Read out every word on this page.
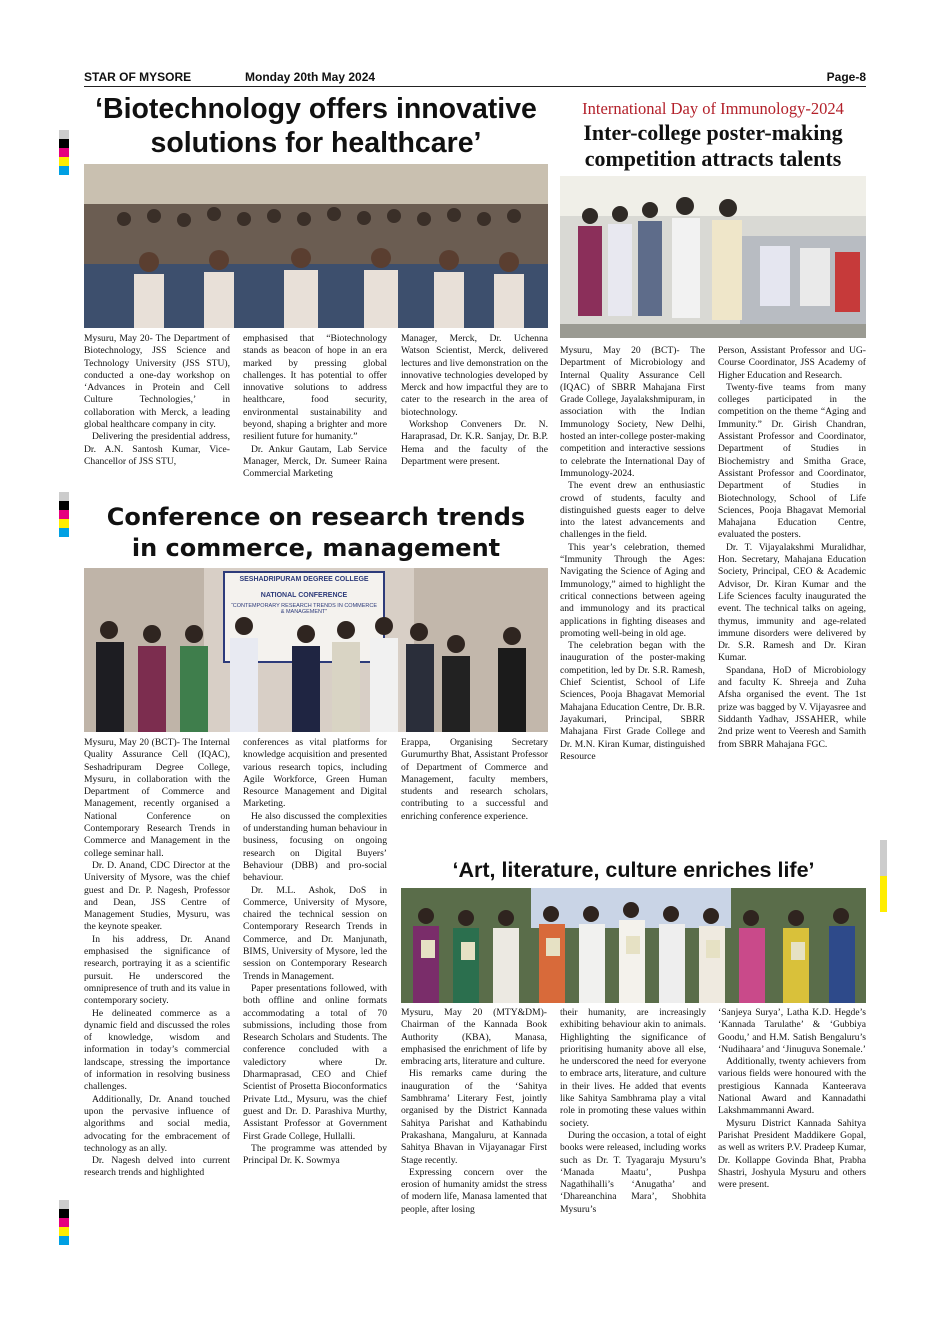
STAR OF MYSORE	Monday 20th May 2024	Page-8
‘Biotechnology offers innovative
solutions for healthcare’

Mysuru, May 20- The Department of Biotechnology, JSS Science and Technology University (JSS STU), conducted a one-day workshop on ‘Advances in Protein and Cell Culture Technologies,’ in collaboration with Merck, a leading global healthcare company in city.

Delivering the presidential address, Dr. A.N. Santosh Kumar, Vice-Chancellor of JSS STU,

emphasised that “Biotechnology stands as beacon of hope in an era marked by pressing global challenges. It has potential to offer innovative solutions to address healthcare, food security, environmental sustainability and beyond, shaping a brighter and more resilient future for humanity.”

Dr. Ankur Gautam, Lab Service Manager, Merck, Dr. Sumeer Raina Commercial Marketing

Manager, Merck, Dr. Uchenna Watson Scientist, Merck, delivered lectures and live demonstration on the innovative technologies developed by Merck and how impactful they are to cater to the research in the area of biotechnology.

Workshop Conveners Dr. N. Haraprasad, Dr. K.R. Sanjay, Dr. B.P. Hema and the faculty of the Department were present.

International Day of Immunology-2024
Inter-college poster-making
competition attracts talents

Mysuru, May 20 (BCT)- The Department of Microbiology and Internal Quality Assurance Cell (IQAC) of SBRR Mahajana First Grade College, Jayalakshmipuram, in association with the Indian Immunology Society, New Delhi, hosted an inter-college poster-making competition and interactive sessions to celebrate the International Day of Immunology-2024.

The event drew an enthusiastic crowd of students, faculty and distinguished guests eager to delve into the latest advancements and challenges in the field.

This year’s celebration, themed “Immunity Through the Ages: Navigating the Science of Aging and Immunology,” aimed to highlight the critical connections between ageing and immunology and its practical applications in fighting diseases and promoting well-being in old age.

The celebration began with the inauguration of the poster-making competition, led by Dr. S.R. Ramesh, Chief Scientist, School of Life Sciences, Pooja Bhagavat Memorial Mahajana Education Centre, Dr. B.R. Jayakumari, Principal, SBRR Mahajana First Grade College and Dr. M.N. Kiran Kumar, distinguished Resource

Person, Assistant Professor and UG-Course Coordinator, JSS Academy of Higher Education and Research.

Twenty-five teams from many colleges participated in the competition on the theme “Aging and Immunity.” Dr. Girish Chandran, Assistant Professor and Coordinator, Department of Studies in Biochemistry and Smitha Grace, Assistant Professor and Coordinator, Department of Studies in Biotechnology, School of Life Sciences, Pooja Bhagavat Memorial Mahajana Education Centre, evaluated the posters.

Dr. T. Vijayalakshmi Muralidhar, Hon. Secretary, Mahajana Education Society, Principal, CEO & Academic Advisor, Dr. Kiran Kumar and the Life Sciences faculty inaugurated the event. The technical talks on ageing, thymus, immunity and age-related immune disorders were delivered by Dr. S.R. Ramesh and Dr. Kiran Kumar.

Spandana, HoD of Microbiology and faculty K. Shreeja and Zuha Afsha organised the event. The 1st prize was bagged by V. Vijayasree and Siddanth Yadhav, JSSAHER, while 2nd prize went to Veeresh and Samith from SBRR Mahajana FGC.

Conference on research trends
in commerce, management
SESHADRIPURAM DEGREE COLLEGE
NATIONAL CONFERENCE
“CONTEMPORARY RESEARCH TRENDS IN COMMERCE & MANAGEMENT”

Mysuru, May 20 (BCT)- The Internal Quality Assurance Cell (IQAC), Seshadripuram Degree College, Mysuru, in collaboration with the Department of Commerce and Management, recently organised a National Conference on Contemporary Research Trends in Commerce and Management in the college seminar hall.

Dr. D. Anand, CDC Director at the University of Mysore, was the chief guest and Dr. P. Nagesh, Professor and Dean, JSS Centre of Management Studies, Mysuru, was the keynote speaker.

In his address, Dr. Anand emphasised the significance of research, portraying it as a scientific pursuit. He underscored the omnipresence of truth and its value in contemporary society.

He delineated commerce as a dynamic field and discussed the roles of knowledge, wisdom and information in today’s commercial landscape, stressing the importance of information in resolving business challenges.

Additionally, Dr. Anand touched upon the pervasive influence of algorithms and social media, advocating for the embracement of technology as an ally.

Dr. Nagesh delved into current research trends and highlighted

conferences as vital platforms for knowledge acquisition and presented various research topics, including Agile Workforce, Green Human Resource Management and Digital Marketing.

He also discussed the complexities of understanding human behaviour in business, focusing on ongoing research on Digital Buyers’ Behaviour (DBB) and pro-social behaviour.

Dr. M.L. Ashok, DoS in Commerce, University of Mysore, chaired the technical session on Contemporary Research Trends in Commerce, and Dr. Manjunath, BIMS, University of Mysore, led the session on Contemporary Research Trends in Management.

Paper presentations followed, with both offline and online formats accommodating a total of 70 submissions, including those from Research Scholars and Students. The conference concluded with a valedictory where Dr. Dharmaprasad, CEO and Chief Scientist of Prosetta Bioconformatics Private Ltd., Mysuru, was the chief guest and Dr. D. Parashiva Murthy, Assistant Professor at Government First Grade College, Hullalli.

The programme was attended by Principal Dr. K. Sowmya

Erappa, Organising Secretary Gurumurthy Bhat, Assistant Professor of Department of Commerce and Management, faculty members, students and research scholars, contributing to a successful and enriching conference experience.

‘Art, literature, culture enriches life’

Mysuru, May 20 (MTY&DM)- Chairman of the Kannada Book Authority (KBA), Manasa, emphasised the enrichment of life by embracing arts, literature and culture.

His remarks came during the inauguration of the ‘Sahitya Sambhrama’ Literary Fest, jointly organised by the District Kannada Sahitya Parishat and Kathabindu Prakashana, Mangaluru, at Kannada Sahitya Bhavan in Vijayanagar First Stage recently.

Expressing concern over the erosion of humanity amidst the stress of modern life, Manasa lamented that people, after losing

their humanity, are increasingly exhibiting behaviour akin to animals. Highlighting the significance of prioritising humanity above all else, he underscored the need for everyone to embrace arts, literature, and culture in their lives. He added that events like Sahitya Sambhrama play a vital role in promoting these values within society.

During the occasion, a total of eight books were released, including works such as Dr. T. Tyagaraju Mysuru’s ‘Manada Maatu’, Pushpa Nagathihalli’s ‘Anugatha’ and ‘Dhareanchina Mara’, Shobhita Mysuru’s

‘Sanjeya Surya’, Latha K.D. Hegde’s ‘Kannada Tarulathe’ & ‘Gubbiya Goodu,’ and H.M. Satish Bengaluru’s ‘Nudihaara’ and ‘Jinuguva Sonemale.’

Additionally, twenty achievers from various fields were honoured with the prestigious Kannada Kanteerava National Award and Kannadathi Lakshmammanni Award.

Mysuru District Kannada Sahitya Parishat President Maddikere Gopal, as well as writers P.V. Pradeep Kumar, Dr. Kollappe Govinda Bhat, Prabha Shastri, Joshyula Mysuru and others were present.
